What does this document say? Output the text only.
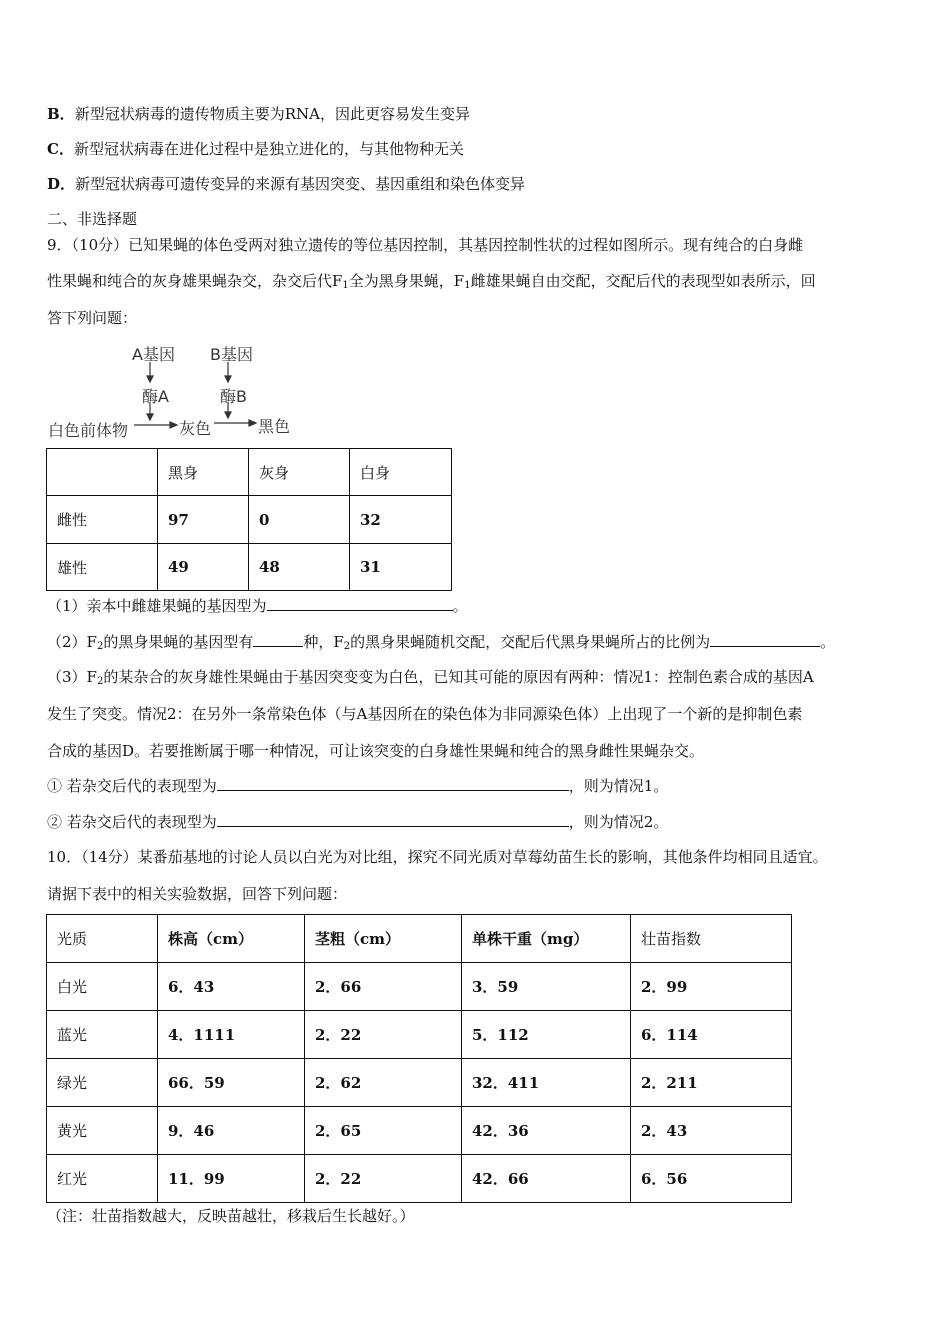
B．新型冠状病毒的遗传物质主要为RNA，因此更容易发生变异
C．新型冠状病毒在进化过程中是独立进化的，与其他物种无关
D．新型冠状病毒可遗传变异的来源有基因突变、基因重组和染色体变异
二、非选择题
9．（10分）已知果蝇的体色受两对独立遗传的等位基因控制，其基因控制性状的过程如图所示。现有纯合的白身雌
性果蝇和纯合的灰身雄果蝇杂交，杂交后代$F_1$全为黑身果蝇，$F_1$雌雄果蝇自由交配，交配后代的表现型如表所示，回
答下列问题：
A基因 B基因
酶A	酶B
白色前体物	灰色	黑色
	黑身	灰身	白身
雌性	97	0	32
雄性	49	48	31
（1）亲本中雌雄果蝇的基因型为	。
$(2)F_2$的黑身果蝇的基因型有	种，$F_2$的黑身果蝇随机交配，交配后代黑身果蝇所占的比例为	。
$(3)F_2$的某杂合的灰身雄性果蝇由于基因突变变为白色，已知其可能的原因有两种：情况1：控制色素合成的基因A
发生了突变。情况2：在另外一条常染色体（与A基因所在的染色体为非同源染色体）上出现了一个新的是抑制色素
合成的基因D。若要推断属于哪一种情况，可让该突变的白身雄性果蝇和纯合的黑身雌性果蝇杂交。
① 若杂交后代的表现型为	，则为情况1。
② 若杂交后代的表现型为	，则为情况2。
10．（14分）某番茄基地的讨论人员以白光为对比组，探究不同光质对草莓幼苗生长的影响，其他条件均相同且适宜。
请据下表中的相关实验数据，回答下列问题：
光质	株高（cm）	茎粗（cm）	单株干重（mg）	壮苗指数
白光	6．43	2．66	3．59	2．99
蓝光	4．1111	2．22	5．112	6．114
绿光	66．59	2．62	32．411	2．211
黄光	9．46	2．65	42．36	2．43
红光	11．99	2．22	42．66	6．56
（注：壮苗指数越大，反映苗越壮，移栽后生长越好。）
